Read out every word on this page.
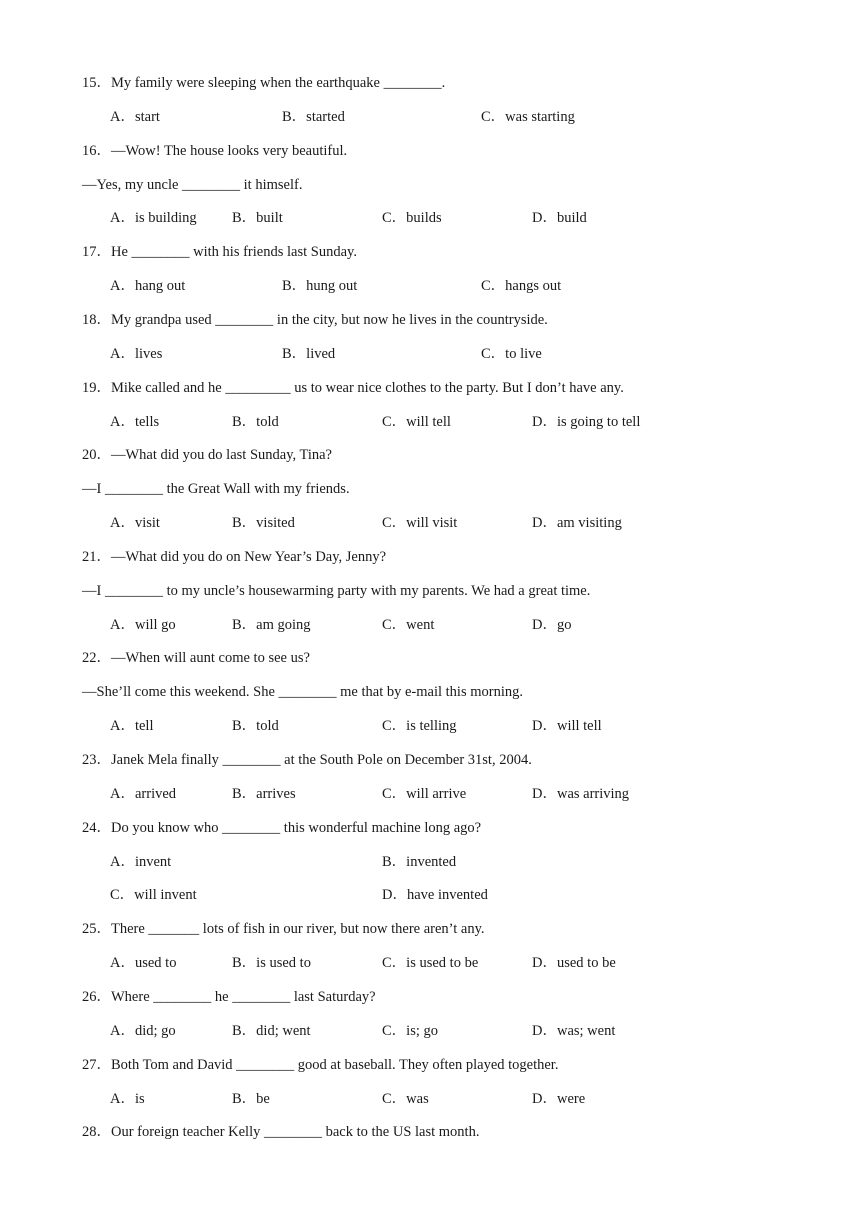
15．My family were sleeping when the earthquake ________.
A．start	B．started	C．was starting
16．—Wow! The house looks very beautiful.
—Yes, my uncle ________ it himself.
A．is building B．built	C．builds	D．build
17．He ________ with his friends last Sunday.
A．hang out	B．hung out	C．hangs out
18．My grandpa used ________ in the city, but now he lives in the countryside.
A．lives	B．lived	C．to live
19．Mike called and he _________ us to wear nice clothes to the party. But I don’t have any.
A．tells	B．told	C．will tell	D．is going to tell
20．—What did you do last Sunday, Tina?
—I ________ the Great Wall with my friends.
A．visit	B．visited	C．will visit	D．am visiting
21．—What did you do on New Year’s Day, Jenny?
—I ________ to my uncle’s housewarming party with my parents. We had a great time.
A．will go	B．am going	C．went	D．go
22．—When will aunt come to see us?
—She’ll come this weekend. She ________ me that by e-mail this morning.
A．tell	B．told	C．is telling	D．will tell
23．Janek Mela finally ________ at the South Pole on December 31st, 2004.
A．arrived	B．arrives	C．will arrive	D．was arriving
24．Do you know who ________ this wonderful machine long ago?
A．invent	B．invented
C．will invent	D．have invented
25．There _______ lots of fish in our river, but now there aren’t any.
A．used to	B．is used to	C．is used to be	D．used to be
26．Where ________ he ________ last Saturday?
A．did; go	B．did; went	C．is; go	D．was; went
27．Both Tom and David ________ good at baseball. They often played together.
A．is	B．be	C．was	D．were
28．Our foreign teacher Kelly ________ back to the US last month.
